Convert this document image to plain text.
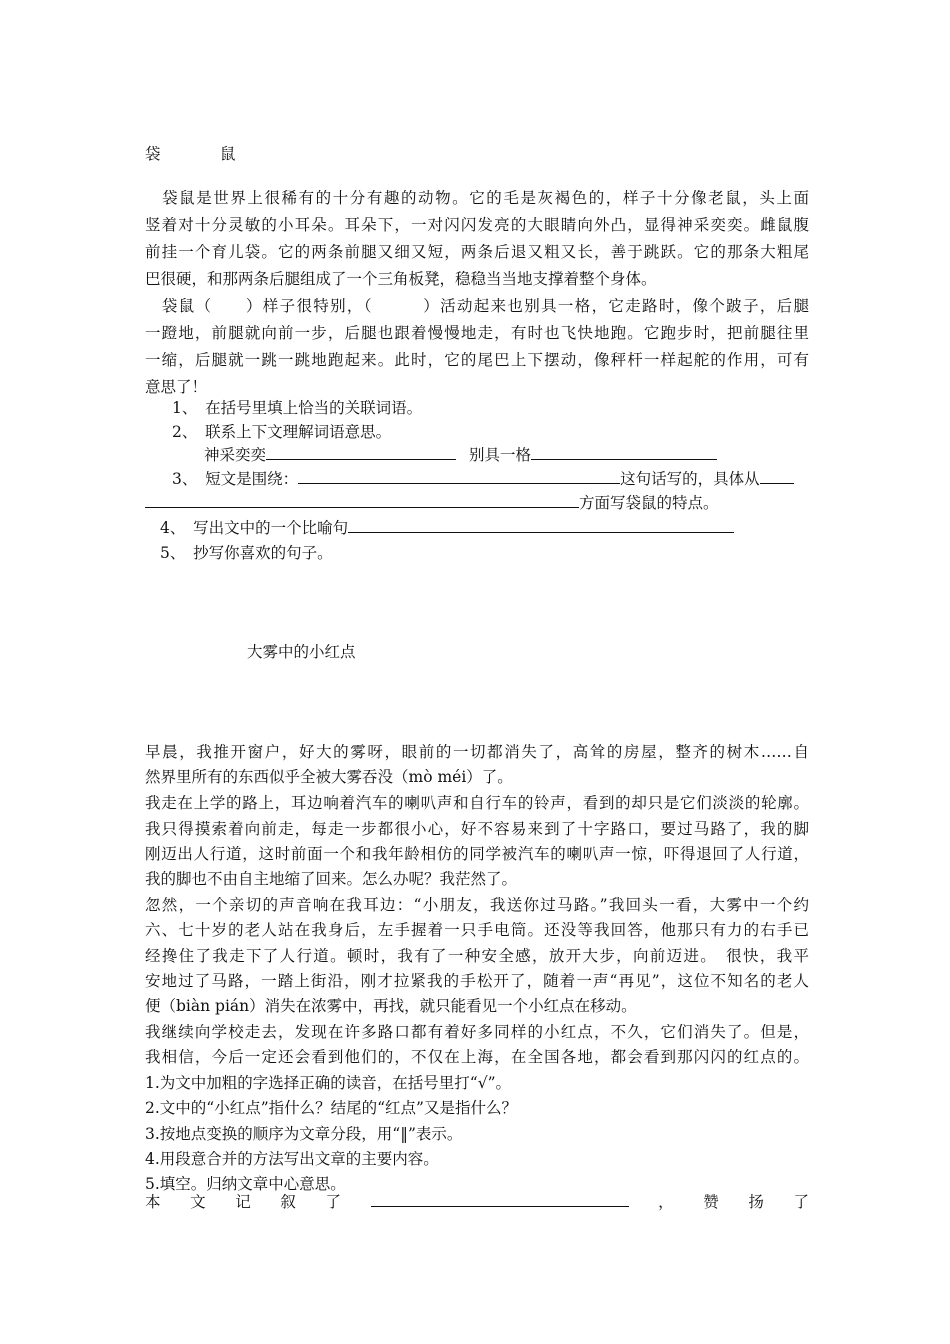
袋　鼠
　袋鼠是世界上很稀有的十分有趣的动物。它的毛是灰褐色的，样子十分像老鼠，头上面
竖着对十分灵敏的小耳朵。耳朵下，一对闪闪发亮的大眼睛向外凸，显得神采奕奕。雌鼠腹
前挂一个育儿袋。它的两条前腿又细又短，两条后退又粗又长，善于跳跃。它的那条大粗尾
巴很硬，和那两条后腿组成了一个三角板凳，稳稳当当地支撑着整个身体。
　袋鼠（　　）样子很特别，（　　　）活动起来也别具一格，它走路时，像个跛子，后腿
一蹬地，前腿就向前一步，后腿也跟着慢慢地走，有时也飞快地跑。它跑步时，把前腿往里
一缩，后腿就一跳一跳地跑起来。此时，它的尾巴上下摆动，像秤杆一样起舵的作用，可有
意思了！
1、　在括号里填上恰当的关联词语。
2、　联系上下文理解词语意思。
神采奕奕	别具一格
3、　短文是围绕：	这句话写的，具体从
方面写袋鼠的特点。
4、　写出文中的一个比喻句
5、　抄写你喜欢的句子。
大雾中的小红点
早晨，我推开窗户，好大的雾呀，眼前的一切都消失了，高耸的房屋，整齐的树木……自
然界里所有的东西似乎全被大雾吞没（mò méi）了。
我走在上学的路上，耳边响着汽车的喇叭声和自行车的铃声，看到的却只是它们淡淡的轮廓。
我只得摸索着向前走，每走一步都很小心，好不容易来到了十字路口，要过马路了，我的脚
刚迈出人行道，这时前面一个和我年龄相仿的同学被汽车的喇叭声一惊，吓得退回了人行道，
我的脚也不由自主地缩了回来。怎么办呢？我茫然了。
忽然，一个亲切的声音响在我耳边：“小朋友，我送你过马路。”我回头一看，大雾中一个约
六、七十岁的老人站在我身后，左手握着一只手电筒。还没等我回答，他那只有力的右手已
经搀住了我走下了人行道。顿时，我有了一种安全感，放开大步，向前迈进。　很快，我平
安地过了马路，一踏上街沿，刚才拉紧我的手松开了，随着一声“再见”，这位不知名的老人
便（biàn pián）消失在浓雾中，再找，就只能看见一个小红点在移动。
我继续向学校走去，发现在许多路口都有着好多同样的小红点，不久，它们消失了。但是，
我相信，今后一定还会看到他们的，不仅在上海，在全国各地，都会看到那闪闪的红点的。
1.为文中加粗的字选择正确的读音，在括号里打“√”。
2.文中的“小红点”指什么？结尾的“红点”又是指什么？
3.按地点变换的顺序为文章分段，用“‖”表示。
4.用段意合并的方法写出文章的主要内容。
5.填空。归纳文章中心意思。
本 文 记 叙 了	， 赞 扬 了
